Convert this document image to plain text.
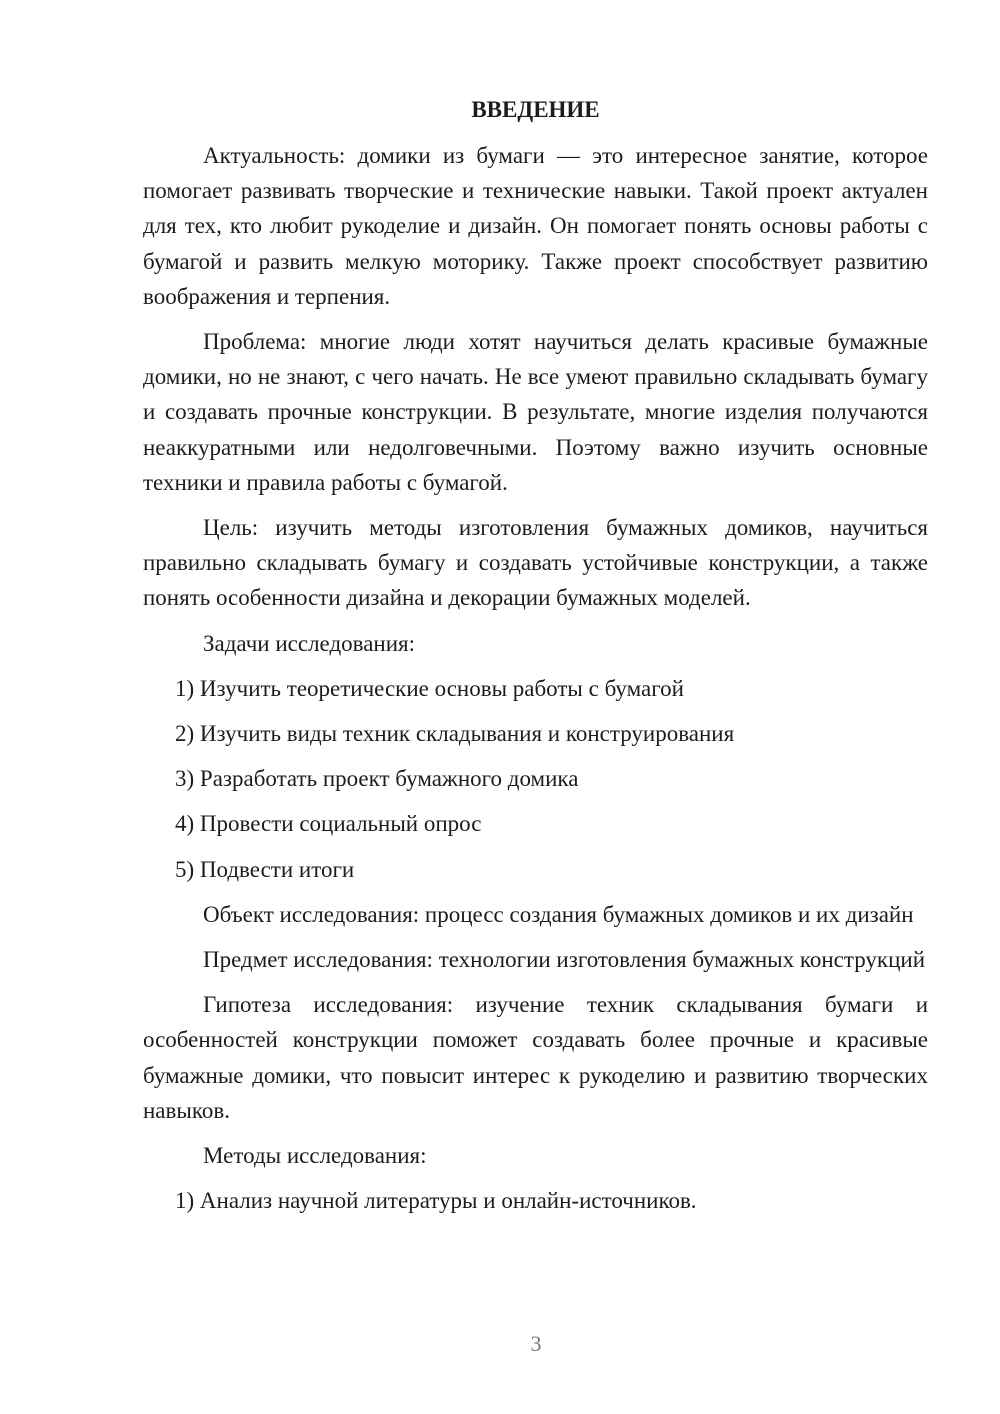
ВВЕДЕНИЕ

Актуальность: домики из бумаги — это интересное занятие, которое помогает развивать творческие и технические навыки. Такой проект актуален для тех, кто любит рукоделие и дизайн. Он помогает понять основы работы с бумагой и развить мелкую моторику. Также проект способствует развитию воображения и терпения.

Проблема: многие люди хотят научиться делать красивые бумажные домики, но не знают, с чего начать. Не все умеют правильно складывать бумагу и создавать прочные конструкции. В результате, многие изделия получаются неаккуратными или недолговечными. Поэтому важно изучить основные техники и правила работы с бумагой.

Цель: изучить методы изготовления бумажных домиков, научиться правильно складывать бумагу и создавать устойчивые конструкции, а также понять особенности дизайна и декорации бумажных моделей.

Задачи исследования:
1) Изучить теоретические основы работы с бумагой
2) Изучить виды техник складывания и конструирования
3) Разработать проект бумажного домика
4) Провести социальный опрос
5) Подвести итоги

Объект исследования: процесс создания бумажных домиков и их дизайн

Предмет исследования: технологии изготовления бумажных конструкций

Гипотеза исследования: изучение техник складывания бумаги и особенностей конструкции поможет создавать более прочные и красивые бумажные домики, что повысит интерес к рукоделию и развитию творческих навыков.

Методы исследования:
1) Анализ научной литературы и онлайн-источников.
3
